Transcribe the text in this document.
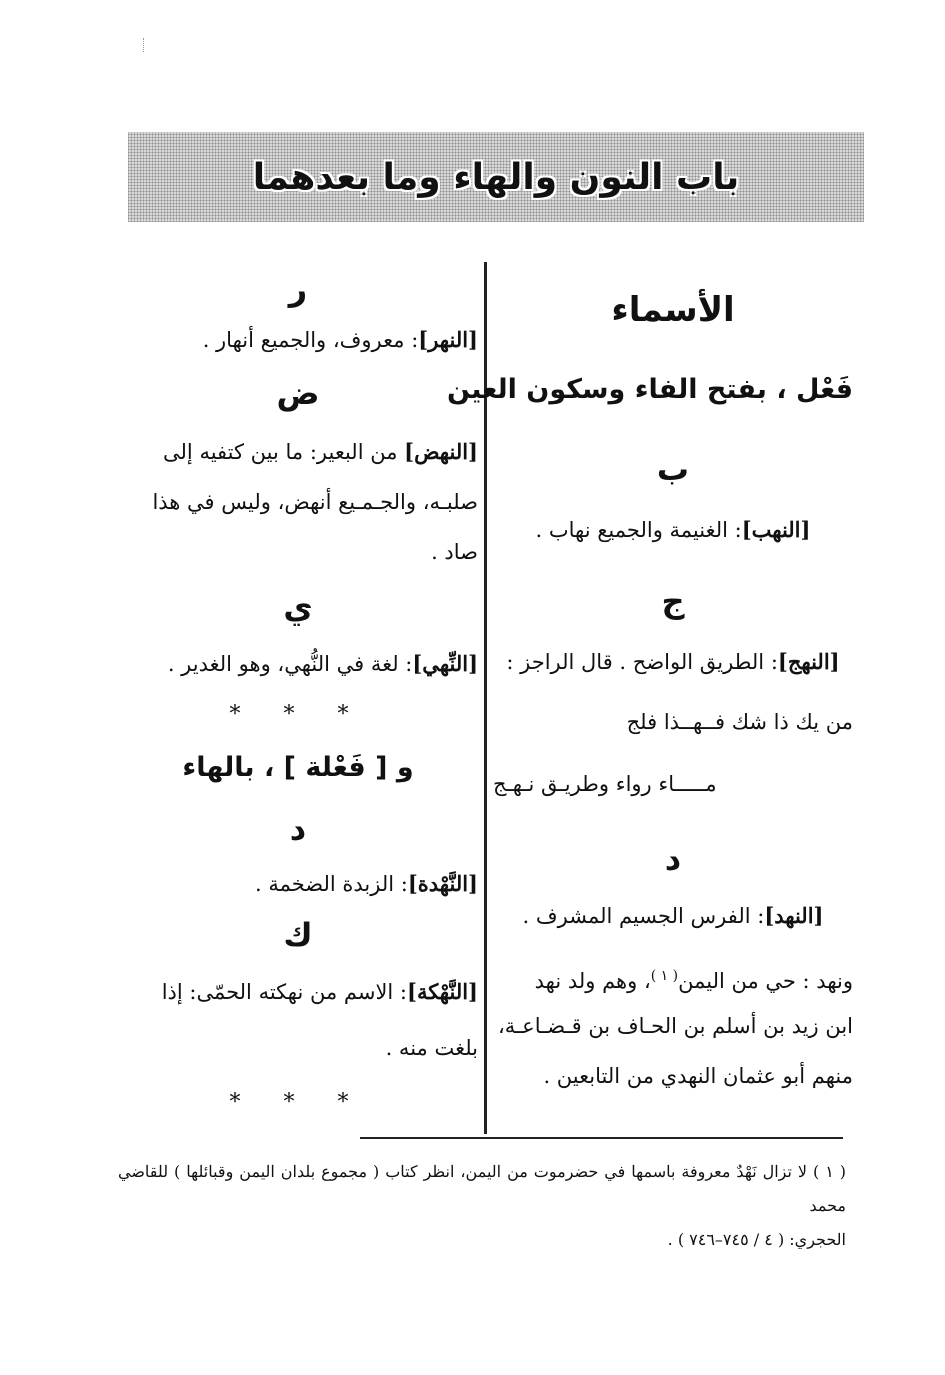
باب النون والهاء وما بعدهما
الأسماء
فَعْل ، بفتح الفاء وسكون العين
ب
[النهب]: الغنيمة والجميع نهاب .
ج
[النهج]: الطريق الواضح . قال الراجز :
من يك ذا شك فــهــذا فلج
مـــــاء رواء وطريـق نـهـج
د
[النهد]: الفرس الجسيم المشرف .
ونهد : حي من اليمن$^{( ١ )}$، وهم ولد نهد
ابن زيد بن أسلم بن الحـاف بن قـضـاعـة،
منهم أبو عثمان النهدي من التابعين .
ر
[النهر]: معروف، والجميع أنهار .
ض
[النهض] من البعير: ما بين كتفيه إلى
صلبـه، والجـمـيع أنهض، وليس في هذا
صاد .
ي
[النِّهي]: لغة في النُّهي، وهو الغدير .
* * *
و [ فَعْلة ] ، بالهاء
د
[النَّهْدة]: الزبدة الضخمة .
ك
[النَّهْكة]: الاسم من نهكته الحمّى: إذا
بلغت منه .
* * *
( ١ ) لا تزال نَهْدٌ معروفة باسمها في حضرموت من اليمن، انظر كتاب ( مجموع بلدان اليمن وقبائلها ) للقاضي محمد
الحجري: ( ٤ / ٧٤٥–٧٤٦ ) .
